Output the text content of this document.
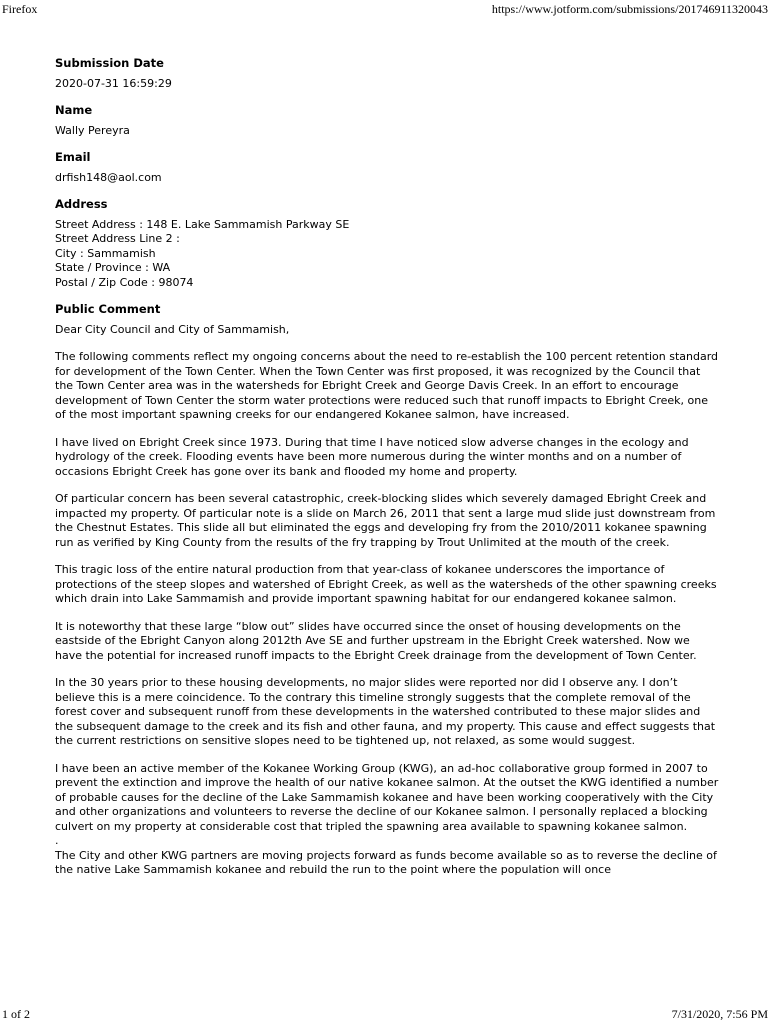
Firefox	https://www.jotform.com/submissions/201746911320043
Submission Date
2020-07-31 16:59:29
Name
Wally Pereyra
Email
drfish148@aol.com
Address
Street Address : 148 E. Lake Sammamish Parkway SE
Street Address Line 2 :
City : Sammamish
State / Province : WA
Postal / Zip Code : 98074
Public Comment

Dear City Council and City of Sammamish,

The following comments reflect my ongoing concerns about the need to re-establish the 100 percent retention standard for development of the Town Center. When the Town Center was first proposed, it was recognized by the Council that the Town Center area was in the watersheds for Ebright Creek and George Davis Creek. In an effort to encourage development of Town Center the storm water protections were reduced such that runoff impacts to Ebright Creek, one of the most important spawning creeks for our endangered Kokanee salmon, have increased.

I have lived on Ebright Creek since 1973. During that time I have noticed slow adverse changes in the ecology and hydrology of the creek. Flooding events have been more numerous during the winter months and on a number of occasions Ebright Creek has gone over its bank and flooded my home and property.

Of particular concern has been several catastrophic, creek-blocking slides which severely damaged Ebright Creek and impacted my property. Of particular note is a slide on March 26, 2011 that sent a large mud slide just downstream from the Chestnut Estates. This slide all but eliminated the eggs and developing fry from the 2010/2011 kokanee spawning run as verified by King County from the results of the fry trapping by Trout Unlimited at the mouth of the creek.

This tragic loss of the entire natural production from that year-class of kokanee underscores the importance of protections of the steep slopes and watershed of Ebright Creek, as well as the watersheds of the other spawning creeks which drain into Lake Sammamish and provide important spawning habitat for our endangered kokanee salmon.

It is noteworthy that these large “blow out” slides have occurred since the onset of housing developments on the eastside of the Ebright Canyon along 2012th Ave SE and further upstream in the Ebright Creek watershed. Now we have the potential for increased runoff impacts to the Ebright Creek drainage from the development of Town Center.

In the 30 years prior to these housing developments, no major slides were reported nor did I observe any. I don’t believe this is a mere coincidence. To the contrary this timeline strongly suggests that the complete removal of the forest cover and subsequent runoff from these developments in the watershed contributed to these major slides and the subsequent damage to the creek and its fish and other fauna, and my property. This cause and effect suggests that the current restrictions on sensitive slopes need to be tightened up, not relaxed, as some would suggest.

I have been an active member of the Kokanee Working Group (KWG), an ad-hoc collaborative group formed in 2007 to prevent the extinction and improve the health of our native kokanee salmon. At the outset the KWG identified a number of probable causes for the decline of the Lake Sammamish kokanee and have been working cooperatively with the City and other organizations and volunteers to reverse the decline of our Kokanee salmon. I personally replaced a blocking culvert on my property at considerable cost that tripled the spawning area available to spawning kokanee salmon.

.

The City and other KWG partners are moving projects forward as funds become available so as to reverse the decline of the native Lake Sammamish kokanee and rebuild the run to the point where the population will once

1 of 2	7/31/2020, 7:56 PM
